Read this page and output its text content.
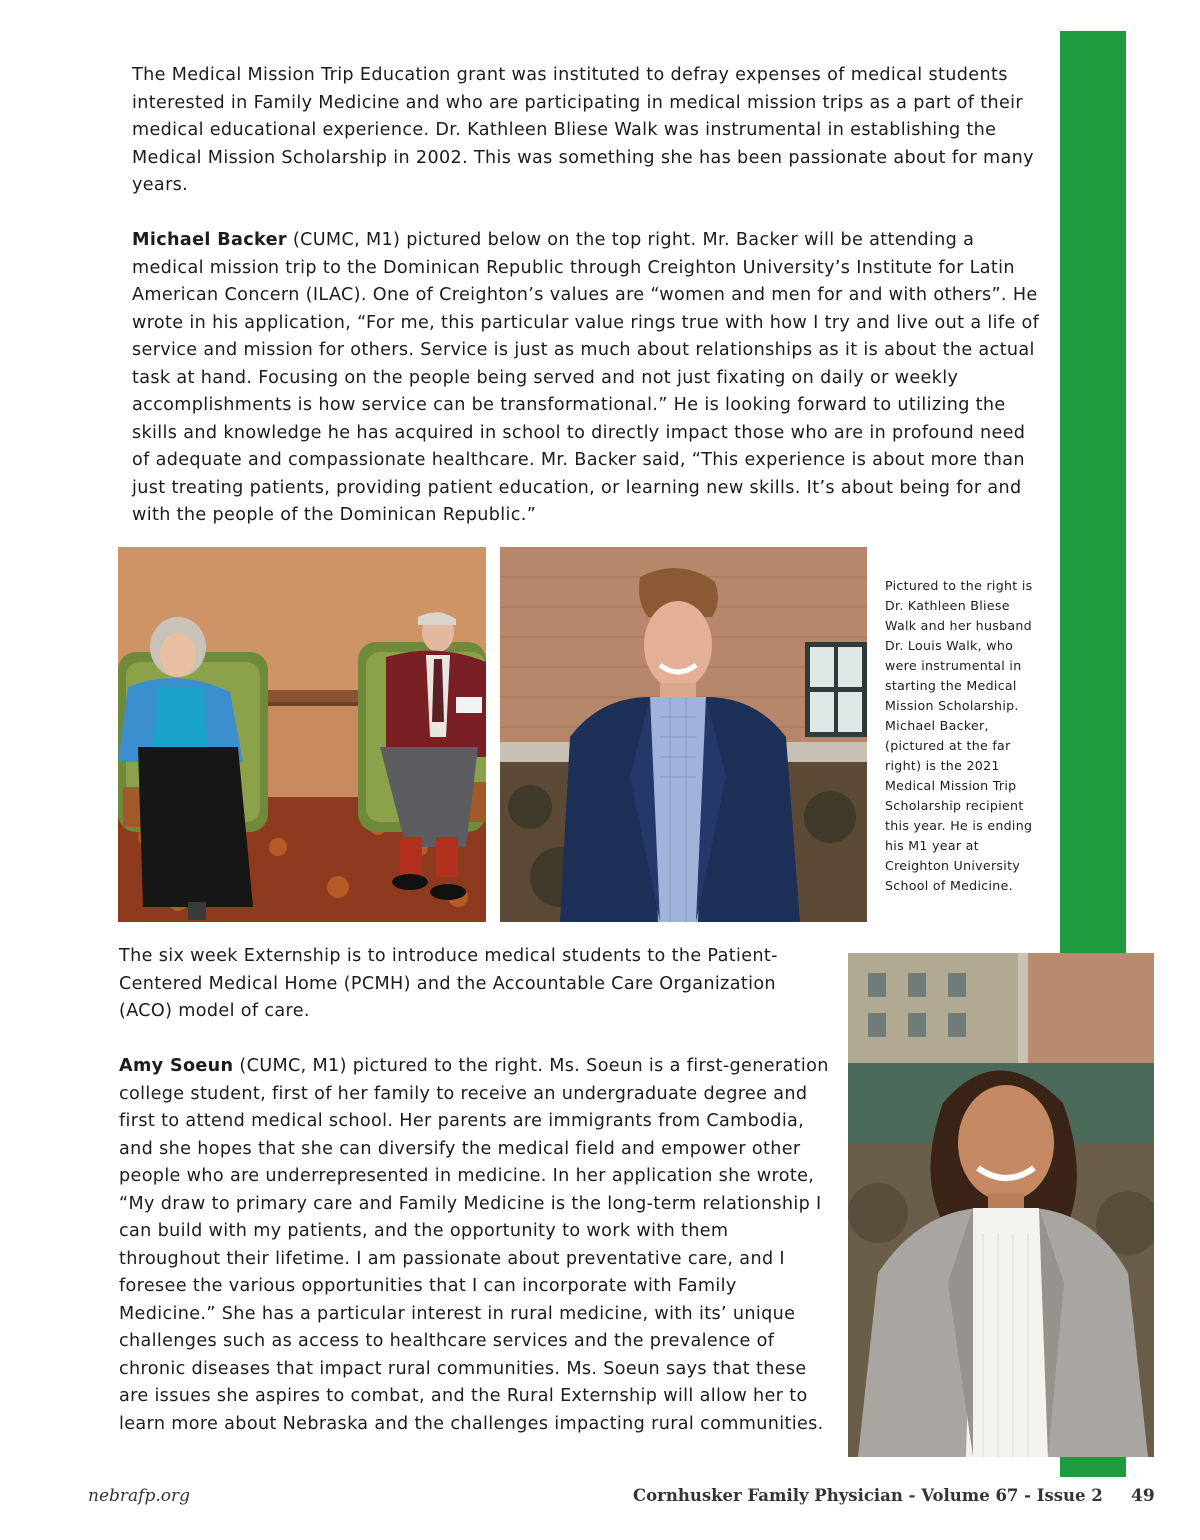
The Medical Mission Trip Education grant was instituted to defray expenses of medical students interested in Family Medicine and who are participating in medical mission trips as a part of their medical educational experience. Dr. Kathleen Bliese Walk was instrumental in establishing the Medical Mission Scholarship in 2002. This was something she has been passionate about for many years.

Michael Backer (CUMC, M1) pictured below on the top right. Mr. Backer will be attending a medical mission trip to the Dominican Republic through Creighton University’s Institute for Latin American Concern (ILAC). One of Creighton’s values are “women and men for and with others”. He wrote in his application, “For me, this particular value rings true with how I try and live out a life of service and mission for others. Service is just as much about relationships as it is about the actual task at hand. Focusing on the people being served and not just fixating on daily or weekly accomplishments is how service can be transformational.” He is looking forward to utilizing the skills and knowledge he has acquired in school to directly impact those who are in profound need of adequate and compassionate healthcare. Mr. Backer said, “This experience is about more than just treating patients, providing patient education, or learning new skills. It’s about being for and with the people of the Dominican Republic.”

Pictured to the right is Dr. Kathleen Bliese Walk and her husband Dr. Louis Walk, who were instrumental in starting the Medical Mission Scholarship. Michael Backer, (pictured at the far right) is the 2021 Medical Mission Trip Scholarship recipient this year. He is ending his M1 year at Creighton University School of Medicine.

The six week Externship is to introduce medical students to the Patient-Centered Medical Home (PCMH) and the Accountable Care Organization (ACO) model of care.

Amy Soeun (CUMC, M1) pictured to the right. Ms. Soeun is a first-generation college student, first of her family to receive an undergraduate degree and first to attend medical school. Her parents are immigrants from Cambodia, and she hopes that she can diversify the medical field and empower other people who are underrepresented in medicine. In her application she wrote, “My draw to primary care and Family Medicine is the long-term relationship I can build with my patients, and the opportunity to work with them throughout their lifetime. I am passionate about preventative care, and I foresee the various opportunities that I can incorporate with Family Medicine.” She has a particular interest in rural medicine, with its’ unique challenges such as access to healthcare services and the prevalence of chronic diseases that impact rural communities. Ms. Soeun says that these are issues she aspires to combat, and the Rural Externship will allow her to learn more about Nebraska and the challenges impacting rural communities.

nebrafp.org	Cornhusker Family Physician - Volume 67 - Issue 2 49
